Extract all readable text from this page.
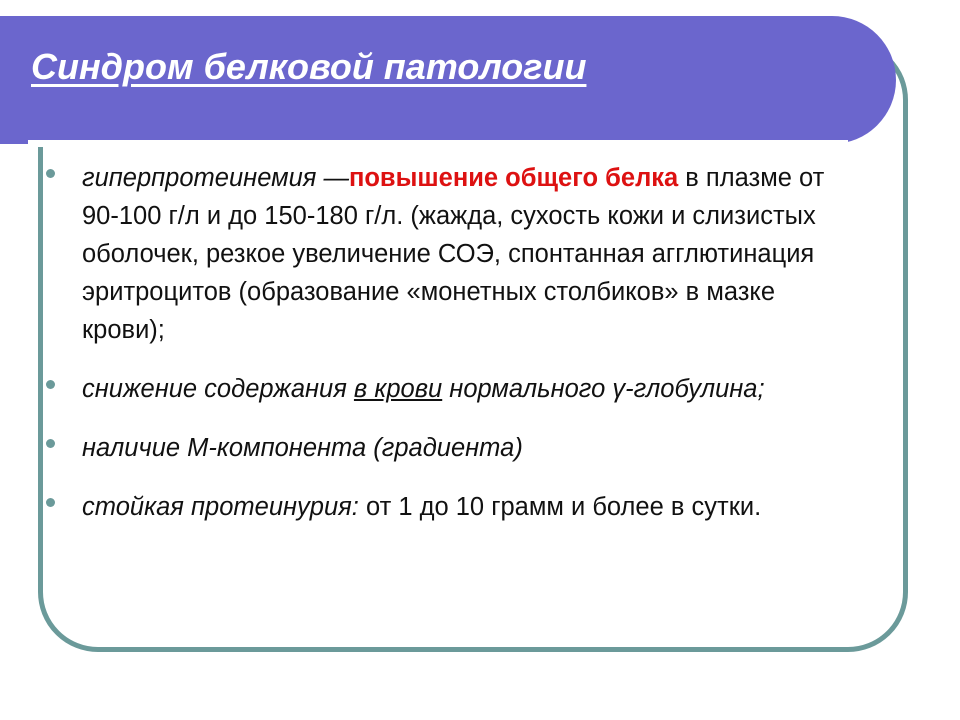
Синдром белковой патологии
гиперпротеинемия —повышение общего белка в плазме от 90-100 г/л и до 150-180 г/л. (жажда, сухость кожи и слизистых оболочек, резкое увеличение СОЭ, спонтанная агглютинация эритроцитов (образование «монетных столбиков» в мазке крови);
снижение содержания в крови нормального γ-глобулина;
наличие М-компонента (градиента)
стойкая протеинурия: от 1 до 10 грамм и более в сутки.
